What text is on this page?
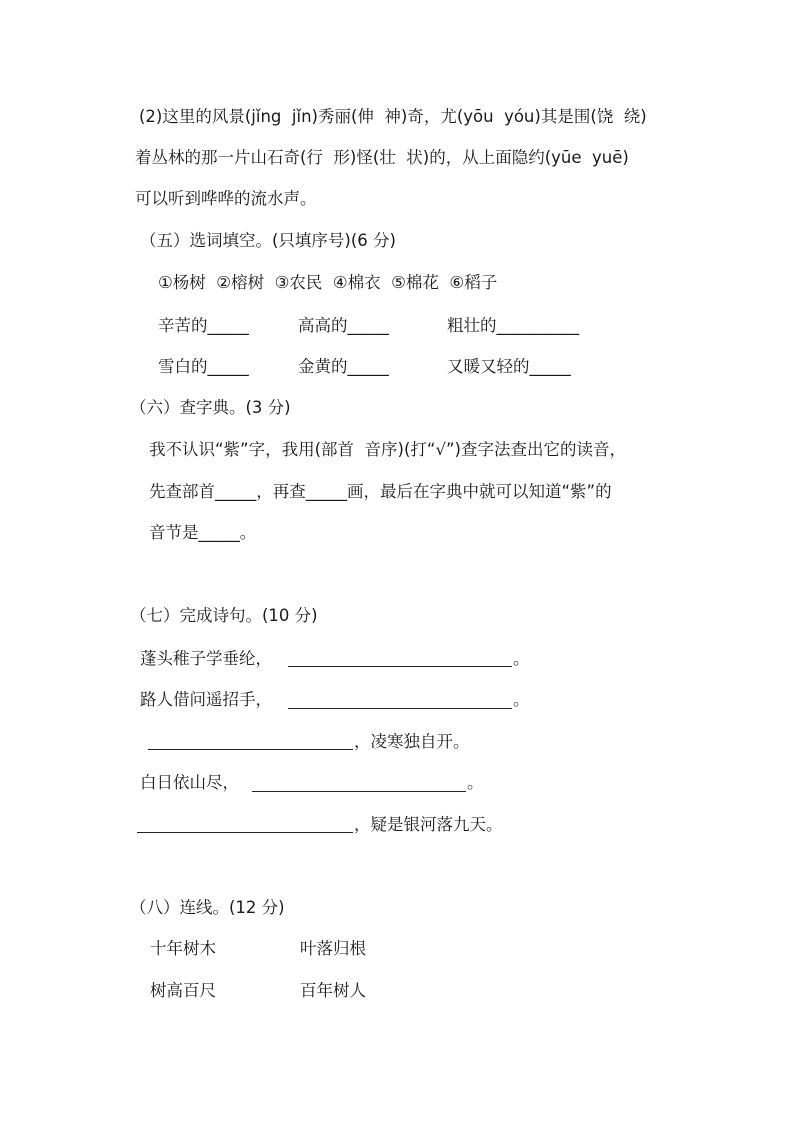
(2)这里的风景(jǐng  jǐn)秀丽(伸  神)奇，尤(yōu  yóu)其是围(饶  绕)
着丛林的那一片山石奇(行  形)怪(壮  状)的，从上面隐约(yūe  yuē)
可以听到哗哗的流水声。
（五）选词填空。(只填序号)(6 分)
①杨树  ②榕树  ③农民  ④棉衣  ⑤棉花  ⑥稻子
辛苦的_____	高高的_____	粗壮的__________
雪白的_____	金黄的_____	又暖又轻的_____
（六）查字典。(3 分)
我不认识“紫”字，我用(部首  音序)(打“√”)查字法查出它的读音，
先查部首_____，再查_____画，最后在字典中就可以知道“紫”的
音节是_____。
（七）完成诗句。(10 分)
蓬头稚子学垂纶，	。
路人借问遥招手，	。
，凌寒独自开。
白日依山尽，	。
，疑是银河落九天。
（八）连线。(12 分)
十年树木	叶落归根
树高百尺	百年树人
